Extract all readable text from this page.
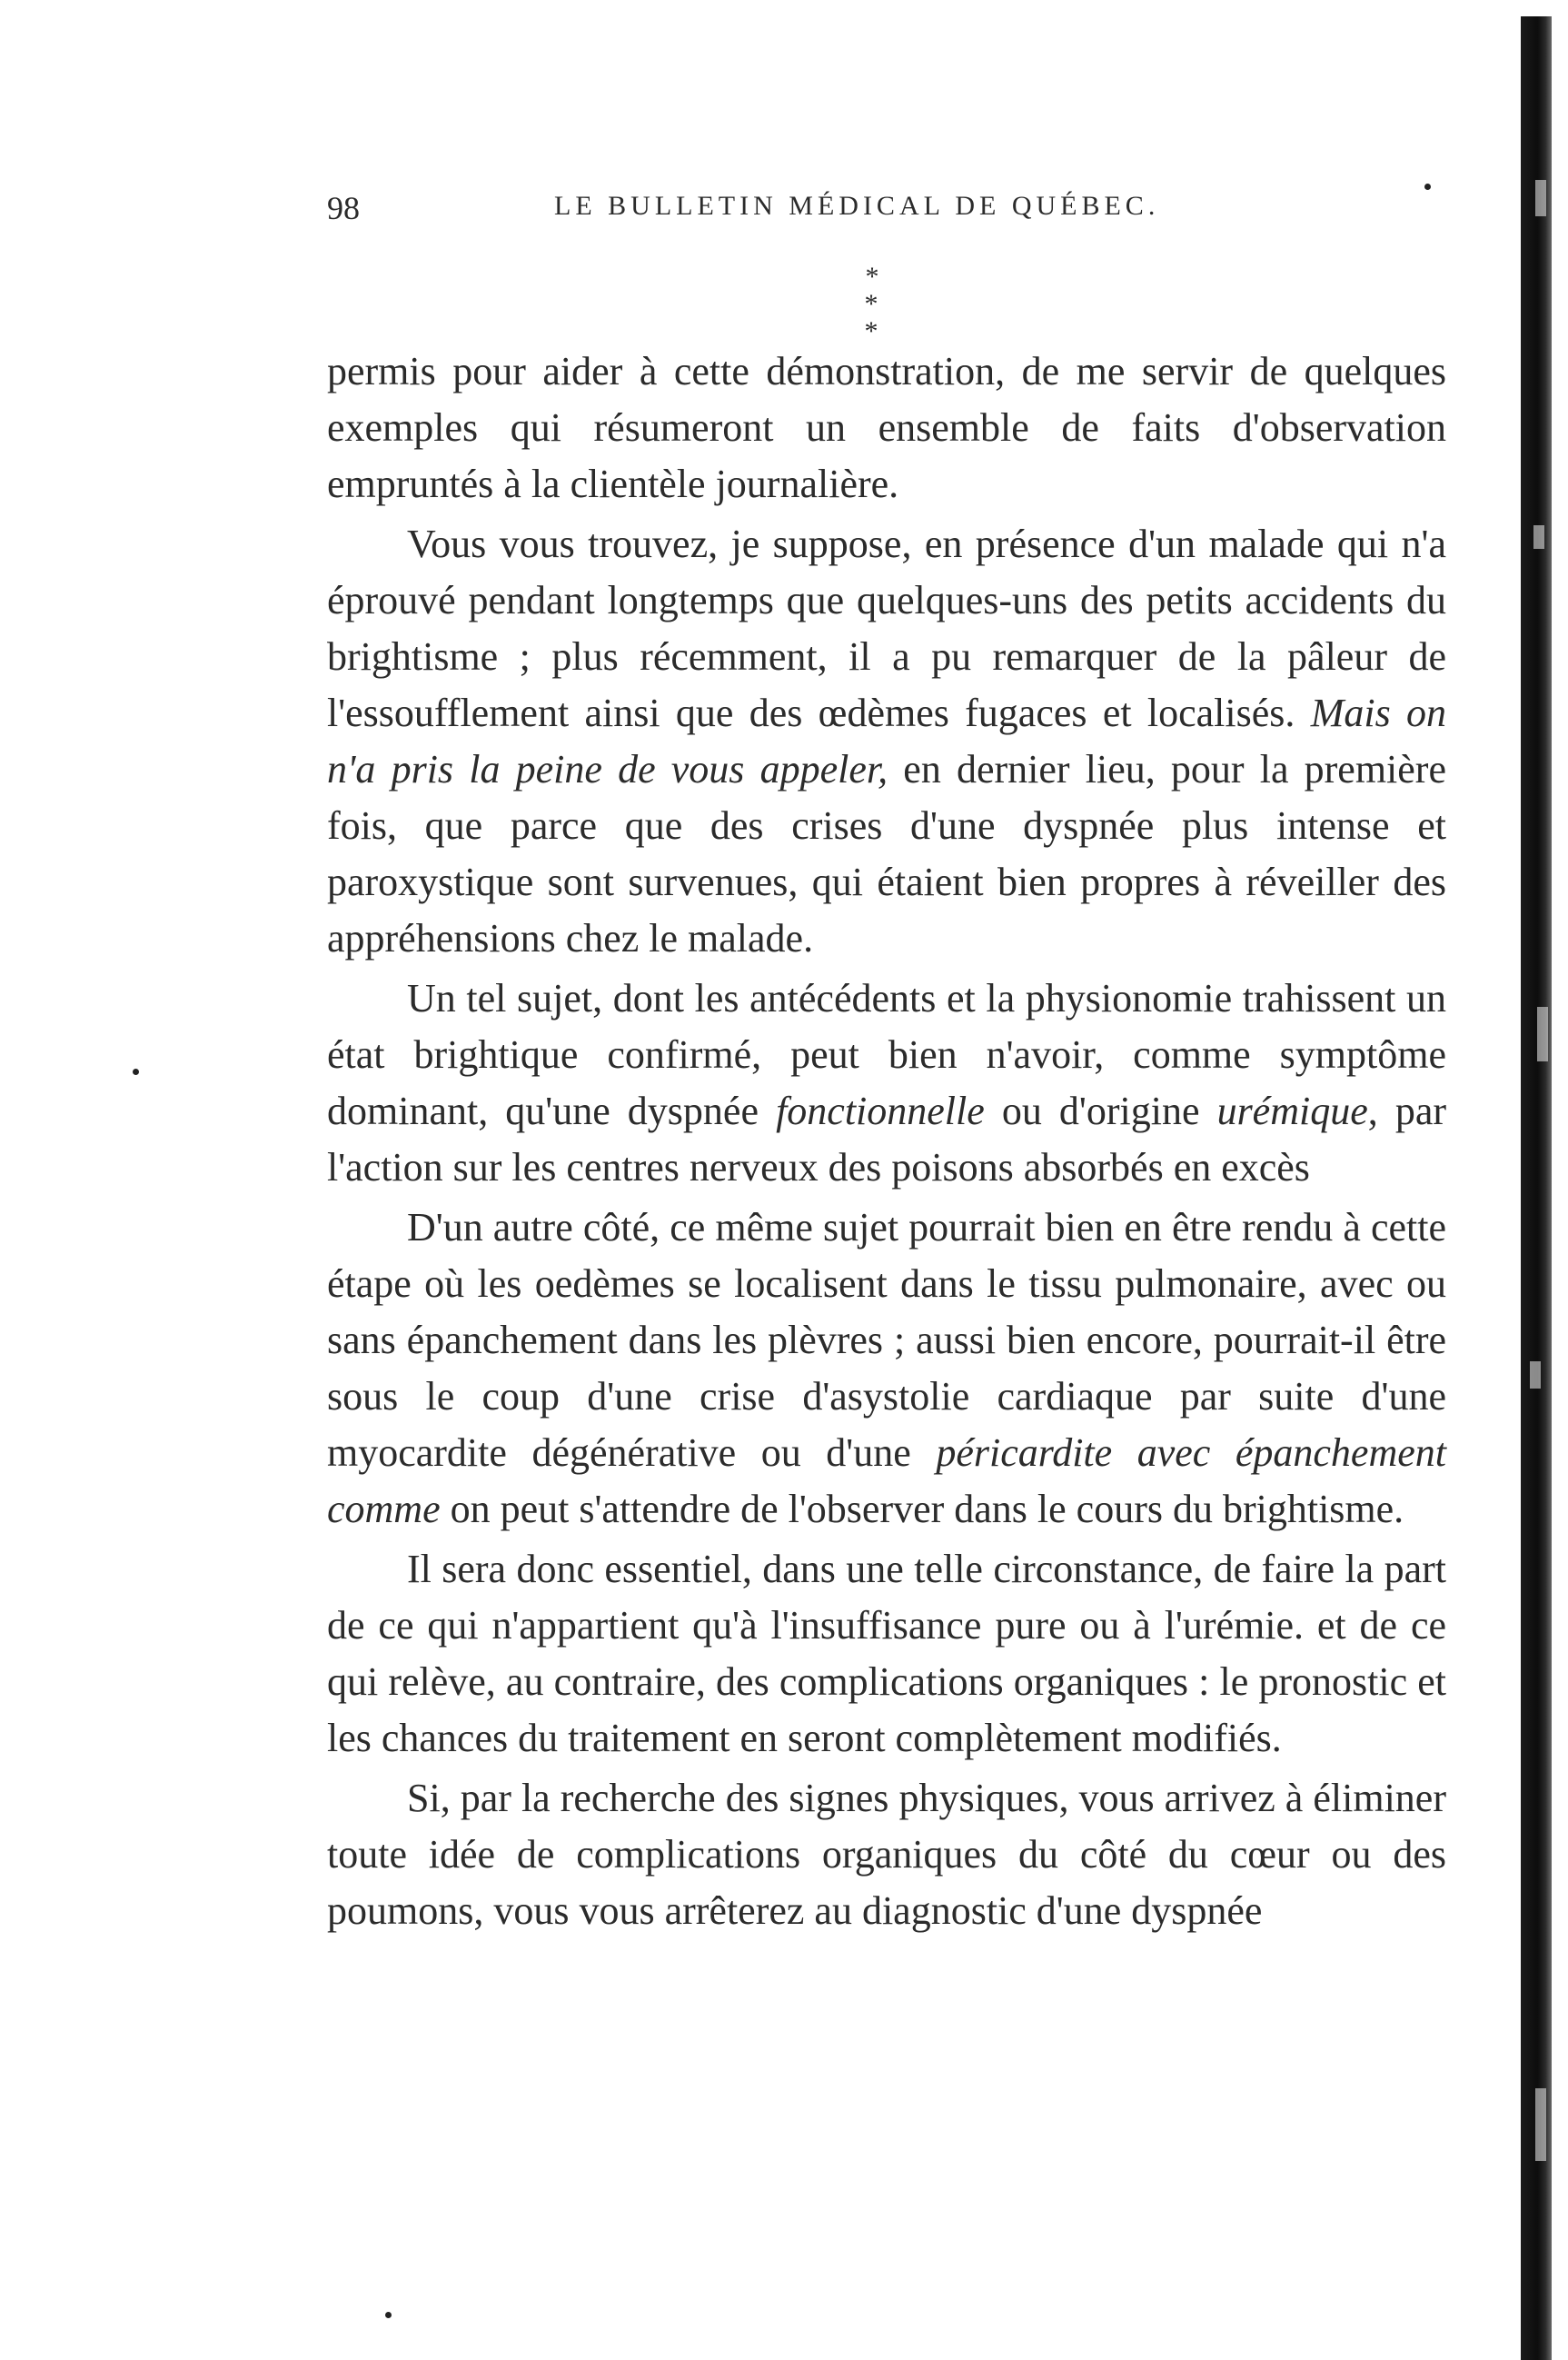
98	LE BULLETIN MÉDICAL DE QUÉBEC.
*
* *

permis pour aider à cette démonstration, de me servir de quelques exemples qui résumeront un ensemble de faits d'observation empruntés à la clientèle journalière.

Vous vous trouvez, je suppose, en présence d'un malade qui n'a éprouvé pendant longtemps que quelques-uns des petits accidents du brightisme ; plus récemment, il a pu remarquer de la pâleur de l'essoufflement ainsi que des œdèmes fugaces et localisés. Mais on n'a pris la peine de vous appeler, en dernier lieu, pour la première fois, que parce que des crises d'une dyspnée plus intense et paroxystique sont survenues, qui étaient bien propres à réveiller des appréhensions chez le malade.

Un tel sujet, dont les antécédents et la physionomie trahissent un état brightique confirmé, peut bien n'avoir, comme symptôme dominant, qu'une dyspnée fonctionnelle ou d'origine urémique, par l'action sur les centres nerveux des poisons absorbés en excès

D'un autre côté, ce même sujet pourrait bien en être rendu à cette étape où les oedèmes se localisent dans le tissu pulmonaire, avec ou sans épanchement dans les plèvres ; aussi bien encore, pourrait-il être sous le coup d'une crise d'asystolie cardiaque par suite d'une myocardite dégénérative ou d'une péricardite avec épanchement comme on peut s'attendre de l'observer dans le cours du brightisme.

Il sera donc essentiel, dans une telle circonstance, de faire la part de ce qui n'appartient qu'à l'insuffisance pure ou à l'urémie. et de ce qui relève, au contraire, des complications organiques : le pronostic et les chances du traitement en seront complètement modifiés.

Si, par la recherche des signes physiques, vous arrivez à éliminer toute idée de complications organiques du côté du cœur ou des poumons, vous vous arrêterez au diagnostic d'une dyspnée
